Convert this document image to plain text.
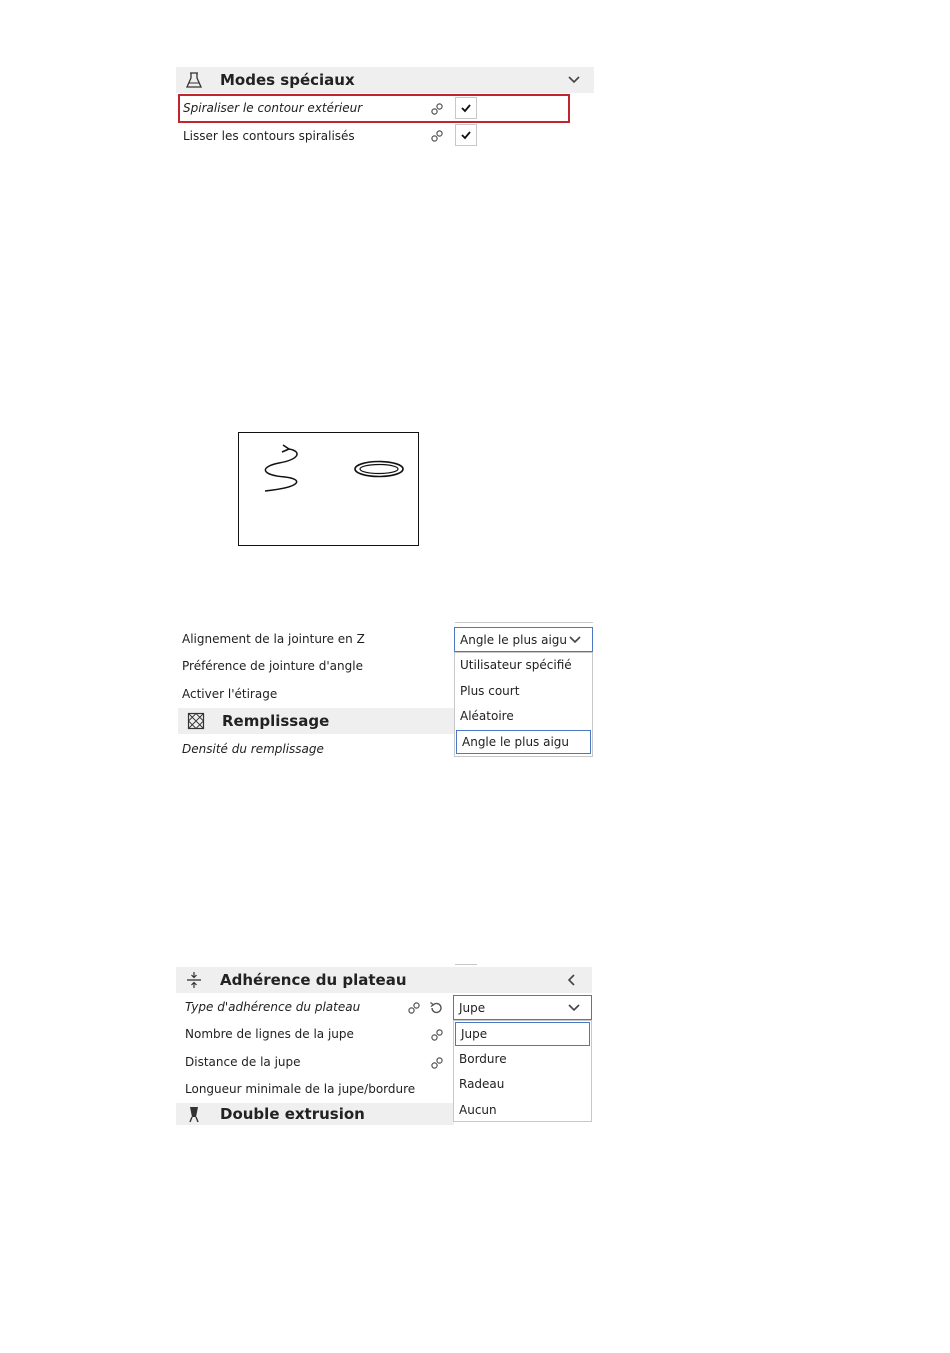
Modes spéciaux
Spiraliser le contour extérieur
Lisser les contours spiralisés
Alignement de la jointure en Z
Préférence de jointure d'angle
Activer l'étirage
Remplissage
Densité du remplissage
Angle le plus aigu
Utilisateur spécifié
Plus court
Aléatoire
Angle le plus aigu
Adhérence du plateau
Type d'adhérence du plateau
Nombre de lignes de la jupe
Distance de la jupe
Longueur minimale de la jupe/bordure
Double extrusion
Jupe
Jupe
Bordure
Radeau
Aucun
